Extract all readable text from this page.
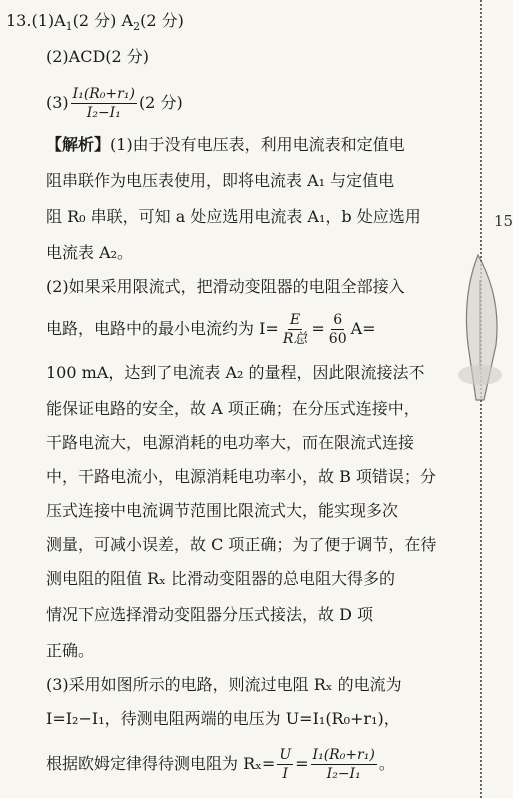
$13.(1)A_1(2$ 分) $A_2(2$ 分)
(2)ACD(2 分)
$(3) \frac{\text{I₁(R₀+r₁)}}{\text{I₂−I₁}} (2$ 分)
【解析】(1)由于没有电压表，利用电流表和定值电
阻串联作为电压表使用，即将电流表 A₁ 与定值电
阻 R₀ 串联，可知 a 处应选用电流表 A₁，b 处应选用
电流表 A₂。
(2)如果采用限流式，把滑动变阻器的电阻全部接入
电路，电路中的最小电流约为 $I= \frac{E}{\text{R总}} = \frac{6}{60} A=$
100 mA，达到了电流表 A₂ 的量程，因此限流接法不
能保证电路的安全，故 A 项正确；在分压式连接中，
干路电流大，电源消耗的电功率大，而在限流式连接
中，干路电流小，电源消耗电功率小，故 B 项错误；分
压式连接中电流调节范围比限流式大，能实现多次
测量，可减小误差，故 C 项正确；为了便于调节，在待
测电阻的阻值 Rₓ 比滑动变阻器的总电阻大得多的
情况下应选择滑动变阻器分压式接法，故 D 项
正确。
(3)采用如图所示的电路，则流过电阻 Rₓ 的电流为
I=I₂−I₁，待测电阻两端的电压为 U=I₁(R₀+r₁)，
根据欧姆定律得待测电阻为 $R_x= \frac{U}{I} = \frac{\text{I₁(R₀+r₁)}}{\text{I₂−I₁}}$ 。
15
